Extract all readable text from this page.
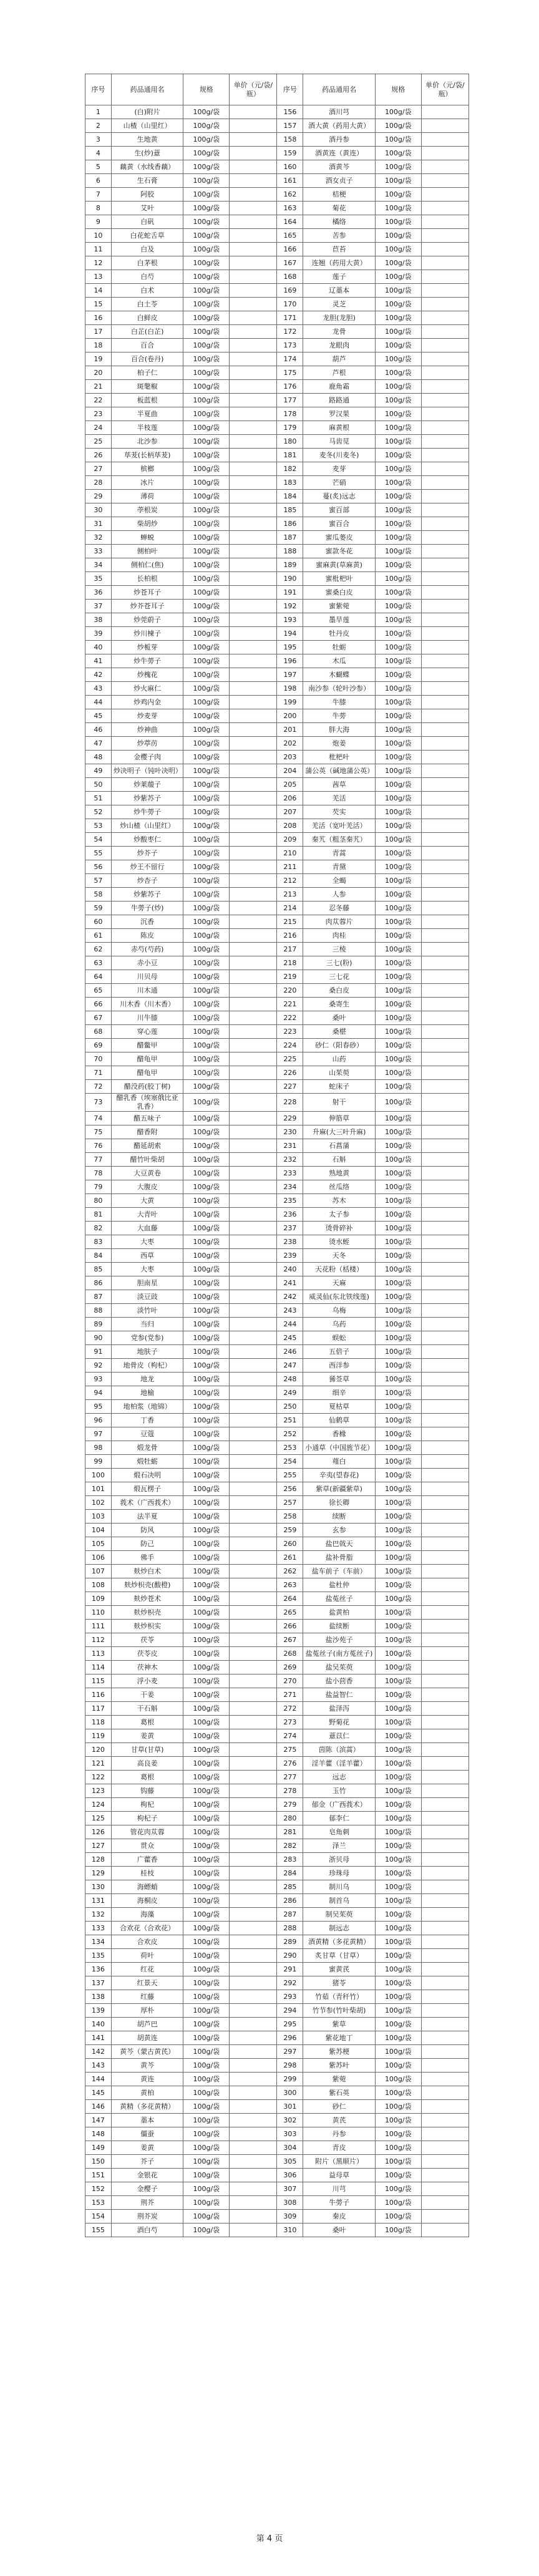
序号	药品通用名	规格	单价（元/袋/瓶）	序号	药品通用名	规格	单价（元/袋/瓶）
1	(白)附片	100g/袋		156	酒川芎	100g/袋	
2	山楂（山里红）	100g/袋		157	酒大黄（药用大黄）	100g/袋	
3	生地黄	100g/袋		158	酒丹参	100g/袋	
4	生(炒)薏	100g/袋		159	酒黄连（黄连）	100g/袋	
5	藕黄（水线香藕）	100g/袋		160	酒黄芩	100g/袋	
6	生石膏	100g/袋		161	酒女贞子	100g/袋	
7	阿胶	100g/袋		162	桔梗	100g/袋	
8	艾叶	100g/袋		163	菊花	100g/袋	
9	白矾	100g/袋		164	橘络	100g/袋	
10	白花蛇舌草	100g/袋		165	苦参	100g/袋	
11	白及	100g/袋		166	苣苔	100g/袋	
12	白茅根	100g/袋		167	连翘（药用大黄）	100g/袋	
13	白芍	100g/袋		168	莲子	100g/袋	
14	白术	100g/袋		169	辽藁本	100g/袋	
15	白土苓	100g/袋		170	灵芝	100g/袋	
16	白鲜皮	100g/袋		171	龙胆(龙胆)	100g/袋	
17	白芷(白芷)	100g/袋		172	龙骨	100g/袋	
18	百合	100g/袋		173	龙眼肉	100g/袋	
19	百合(卷丹)	100g/袋		174	葫芦	100g/袋	
20	柏子仁	100g/袋		175	芦根	100g/袋	
21	斑氅椒	100g/袋		176	鹿角霜	100g/袋	
22	板蓝根	100g/袋		177	路路通	100g/袋	
23	半夏曲	100g/袋		178	罗汉果	100g/袋	
24	半枝莲	100g/袋		179	麻黄根	100g/袋	
25	北沙参	100g/袋		180	马齿苋	100g/袋	
26	荜茇(长柄荜茇)	100g/袋		181	麦冬(川麦冬)	100g/袋	
27	槟榔	100g/袋		182	麦芽	100g/袋	
28	冰片	100g/袋		183	芒硝	100g/袋	
29	薄荷	100g/袋		184	蔓(炙)远志	100g/袋	
30	荸根炭	100g/袋		185	蜜百部	100g/袋	
31	柴胡炒	100g/袋		186	蜜百合	100g/袋	
32	蝉蜕	100g/袋		187	蜜瓜蒌皮	100g/袋	
33	侧柏叶	100g/袋		188	蜜款冬花	100g/袋	
34	侧柏仁(焦)	100g/袋		189	蜜麻黄(草麻黄)	100g/袋	
35	长柏根	100g/袋		190	蜜枇杷叶	100g/袋	
36	炒苍耳子	100g/袋		191	蜜桑白皮	100g/袋	
37	炒芥苍耳子	100g/袋		192	蜜紫菀	100g/袋	
38	炒莞蔚子	100g/袋		193	墨旱莲	100g/袋	
39	炒川楝子	100g/袋		194	牡丹皮	100g/袋	
40	炒栀芽	100g/袋		195	牡蛎	100g/袋	
41	炒牛蒡子	100g/袋		196	木瓜	100g/袋	
42	炒槐花	100g/袋		197	木蝴蝶	100g/袋	
43	炒火麻仁	100g/袋		198	南沙参（轮叶沙参）	100g/袋	
44	炒鸡内金	100g/袋		199	牛膝	100g/袋	
45	炒麦芽	100g/袋		200	牛蒡	100g/袋	
46	炒神曲	100g/袋		201	胖大海	100g/袋	
47	炒葶苈	100g/袋		202	炮姜	100g/袋	
48	金樱子肉	100g/袋		203	枇杷叶	100g/袋	
49	炒决明子（钝叶决明）	100g/袋		204	蒲公英（碱地蒲公英）	100g/袋	
50	炒莱菔子	100g/袋		205	茜草	100g/袋	
51	炒紫苏子	100g/袋		206	羌活	100g/袋	
52	炒牛蒡子	100g/袋		207	芡实	100g/袋	
53	炒山楂（山里红）	100g/袋		208	羌活（宽叶羌活）	100g/袋	
54	炒酸枣仁	100g/袋		209	秦艽（粗茎秦艽）	100g/袋	
55	炒芥子	100g/袋		210	青蒿	100g/袋	
56	炒王不留行	100g/袋		211	青黛	100g/袋	
57	炒杏子	100g/袋		212	全蝎	100g/袋	
58	炒紫苏子	100g/袋		213	人参	100g/袋	
59	牛蒡子(炒)	100g/袋		214	忍冬藤	100g/袋	
60	沉香	100g/袋		215	肉苁蓉片	100g/袋	
61	陈皮	100g/袋		216	肉桂	100g/袋	
62	赤芍(芍药)	100g/袋		217	三棱	100g/袋	
63	赤小豆	100g/袋		218	三七(粉)	100g/袋	
64	川贝母	100g/袋		219	三七花	100g/袋	
65	川木通	100g/袋		220	桑白皮	100g/袋	
66	川木香（川木香）	100g/袋		221	桑寄生	100g/袋	
67	川牛膝	100g/袋		222	桑叶	100g/袋	
68	穿心莲	100g/袋		223	桑椹	100g/袋	
69	醋鳖甲	100g/袋		224	砂仁（阳春砂）	100g/袋	
70	醋龟甲	100g/袋		225	山药	100g/袋	
71	醋龟甲	100g/袋		226	山茱萸	100g/袋	
72	醋没药(胶丁树)	100g/袋		227	蛇床子	100g/袋	
73	醋乳香（埃塞俄比亚乳香）	100g/袋		228	射干	100g/袋	
74	醋五味子	100g/袋		229	伸筋草	100g/袋	
75	醋香附	100g/袋		230	升麻(大三叶升麻)	100g/袋	
76	醋延胡索	100g/袋		231	石菖蒲	100g/袋	
77	醋竹叶柴胡	100g/袋		232	石斛	100g/袋	
78	大豆黄卷	100g/袋		233	熟地黄	100g/袋	
79	大腹皮	100g/袋		234	丝瓜络	100g/袋	
80	大黄	100g/袋		235	苏木	100g/袋	
81	大青叶	100g/袋		236	太子参	100g/袋	
82	大血藤	100g/袋		237	烫骨碎补	100g/袋	
83	大枣	100g/袋		238	烫水蛭	100g/袋	
84	西草	100g/袋		239	天冬	100g/袋	
85	大枣	100g/袋		240	天花粉（栝楼）	100g/袋	
86	胆南星	100g/袋		241	天麻	100g/袋	
87	淡豆豉	100g/袋		242	威灵仙(东北铁线莲)	100g/袋	
88	淡竹叶	100g/袋		243	乌梅	100g/袋	
89	当归	100g/袋		244	乌药	100g/袋	
90	党参(党参)	100g/袋		245	蜈蚣	100g/袋	
91	地肤子	100g/袋		246	五倍子	100g/袋	
92	地骨皮（枸杞）	100g/袋		247	西洋参	100g/袋	
93	地龙	100g/袋		248	豨莶草	100g/袋	
94	地榆	100g/袋		249	细辛	100g/袋	
95	地柏浆（地锦）	100g/袋		250	夏枯草	100g/袋	
96	丁香	100g/袋		251	仙鹤草	100g/袋	
97	豆蔻	100g/袋		252	香橼	100g/袋	
98	煅龙骨	100g/袋		253	小通草（中国旌节花）	100g/袋	
99	煅牡蛎	100g/袋		254	薤白	100g/袋	
100	煅石决明	100g/袋		255	辛夷(望春花)	100g/袋	
101	煅瓦楞子	100g/袋		256	紫草(新疆紫草)	100g/袋	
102	莪术（广西莪术）	100g/袋		257	徐长卿	100g/袋	
103	法半夏	100g/袋		258	续断	100g/袋	
104	防风	100g/袋		259	玄参	100g/袋	
105	防己	100g/袋		260	盐巴戟天	100g/袋	
106	佛手	100g/袋		261	盐补骨脂	100g/袋	
107	麸炒白术	100g/袋		262	盐车前子（车前）	100g/袋	
108	麸炒枳壳(酸橙)	100g/袋		263	盐杜仲	100g/袋	
109	麸炒苍术	100g/袋		264	盐菟丝子	100g/袋	
110	麸炒枳壳	100g/袋		265	盐黄柏	100g/袋	
111	麸炒枳实	100g/袋		266	盐续断	100g/袋	
112	茯苓	100g/袋		267	盐沙苑子	100g/袋	
113	茯苓皮	100g/袋		268	盐菟丝子(南方菟丝子)	100g/袋	
114	茯神木	100g/袋		269	盐吴茱萸	100g/袋	
115	浮小麦	100g/袋		270	盐小茴香	100g/袋	
116	干姜	100g/袋		271	盐益智仁	100g/袋	
117	干石斛	100g/袋		272	盐泽泻	100g/袋	
118	葛根	100g/袋		273	野菊花	100g/袋	
119	姜黄	100g/袋		274	薏苡仁	100g/袋	
120	甘草(甘草)	100g/袋		275	茵陈（滨蒿）	100g/袋	
121	高良姜	100g/袋		276	淫羊藿（淫羊藿）	100g/袋	
122	葛根	100g/袋		277	远志	100g/袋	
123	钩藤	100g/袋		278	玉竹	100g/袋	
124	枸杞	100g/袋		279	郁金（广西莪术）	100g/袋	
125	枸杞子	100g/袋		280	郁李仁	100g/袋	
126	管花肉苁蓉	100g/袋		281	皂角刺	100g/袋	
127	贯众	100g/袋		282	泽兰	100g/袋	
128	广藿香	100g/袋		283	浙贝母	100g/袋	
129	桂枝	100g/袋		284	珍珠母	100g/袋	
130	海螵蛸	100g/袋		285	制川乌	100g/袋	
131	海桐皮	100g/袋		286	制首乌	100g/袋	
132	海藻	100g/袋		287	制吴茱萸	100g/袋	
133	合欢花（合欢花）	100g/袋		288	制远志	100g/袋	
134	合欢皮	100g/袋		289	酒黄精（多花黄精）	100g/袋	
135	荷叶	100g/袋		290	炙甘草（甘草）	100g/袋	
136	红花	100g/袋		291	蜜黄芪	100g/袋	
137	红景天	100g/袋		292	猪苓	100g/袋	
138	红藤	100g/袋		293	竹茹（青秆竹）	100g/袋	
139	厚朴	100g/袋		294	竹节参(竹叶柴胡)	100g/袋	
140	胡芦巴	100g/袋		295	紫草	100g/袋	
141	胡黄连	100g/袋		296	紫花地丁	100g/袋	
142	黄芩（蒙古黄芪）	100g/袋		297	紫苏梗	100g/袋	
143	黄芩	100g/袋		298	紫苏叶	100g/袋	
144	黄连	100g/袋		299	紫菀	100g/袋	
145	黄柏	100g/袋		300	紫石英	100g/袋	
146	黄精（多花黄精）	100g/袋		301	砂仁	100g/袋	
147	藁本	100g/袋		302	黄芪	100g/袋	
148	僵蚕	100g/袋		303	丹参	100g/袋	
149	姜黄	100g/袋		304	青皮	100g/袋	
150	芥子	100g/袋		305	附片（黑顺片）	100g/袋	
151	金银花	100g/袋		306	益母草	100g/袋	
152	金樱子	100g/袋		307	川芎	100g/袋	
153	荆芥	100g/袋		308	牛蒡子	100g/袋	
154	荆芥炭	100g/袋		309	秦皮	100g/袋	
155	酒白芍	100g/袋		310	桑叶	100g/袋	
第 4 页
